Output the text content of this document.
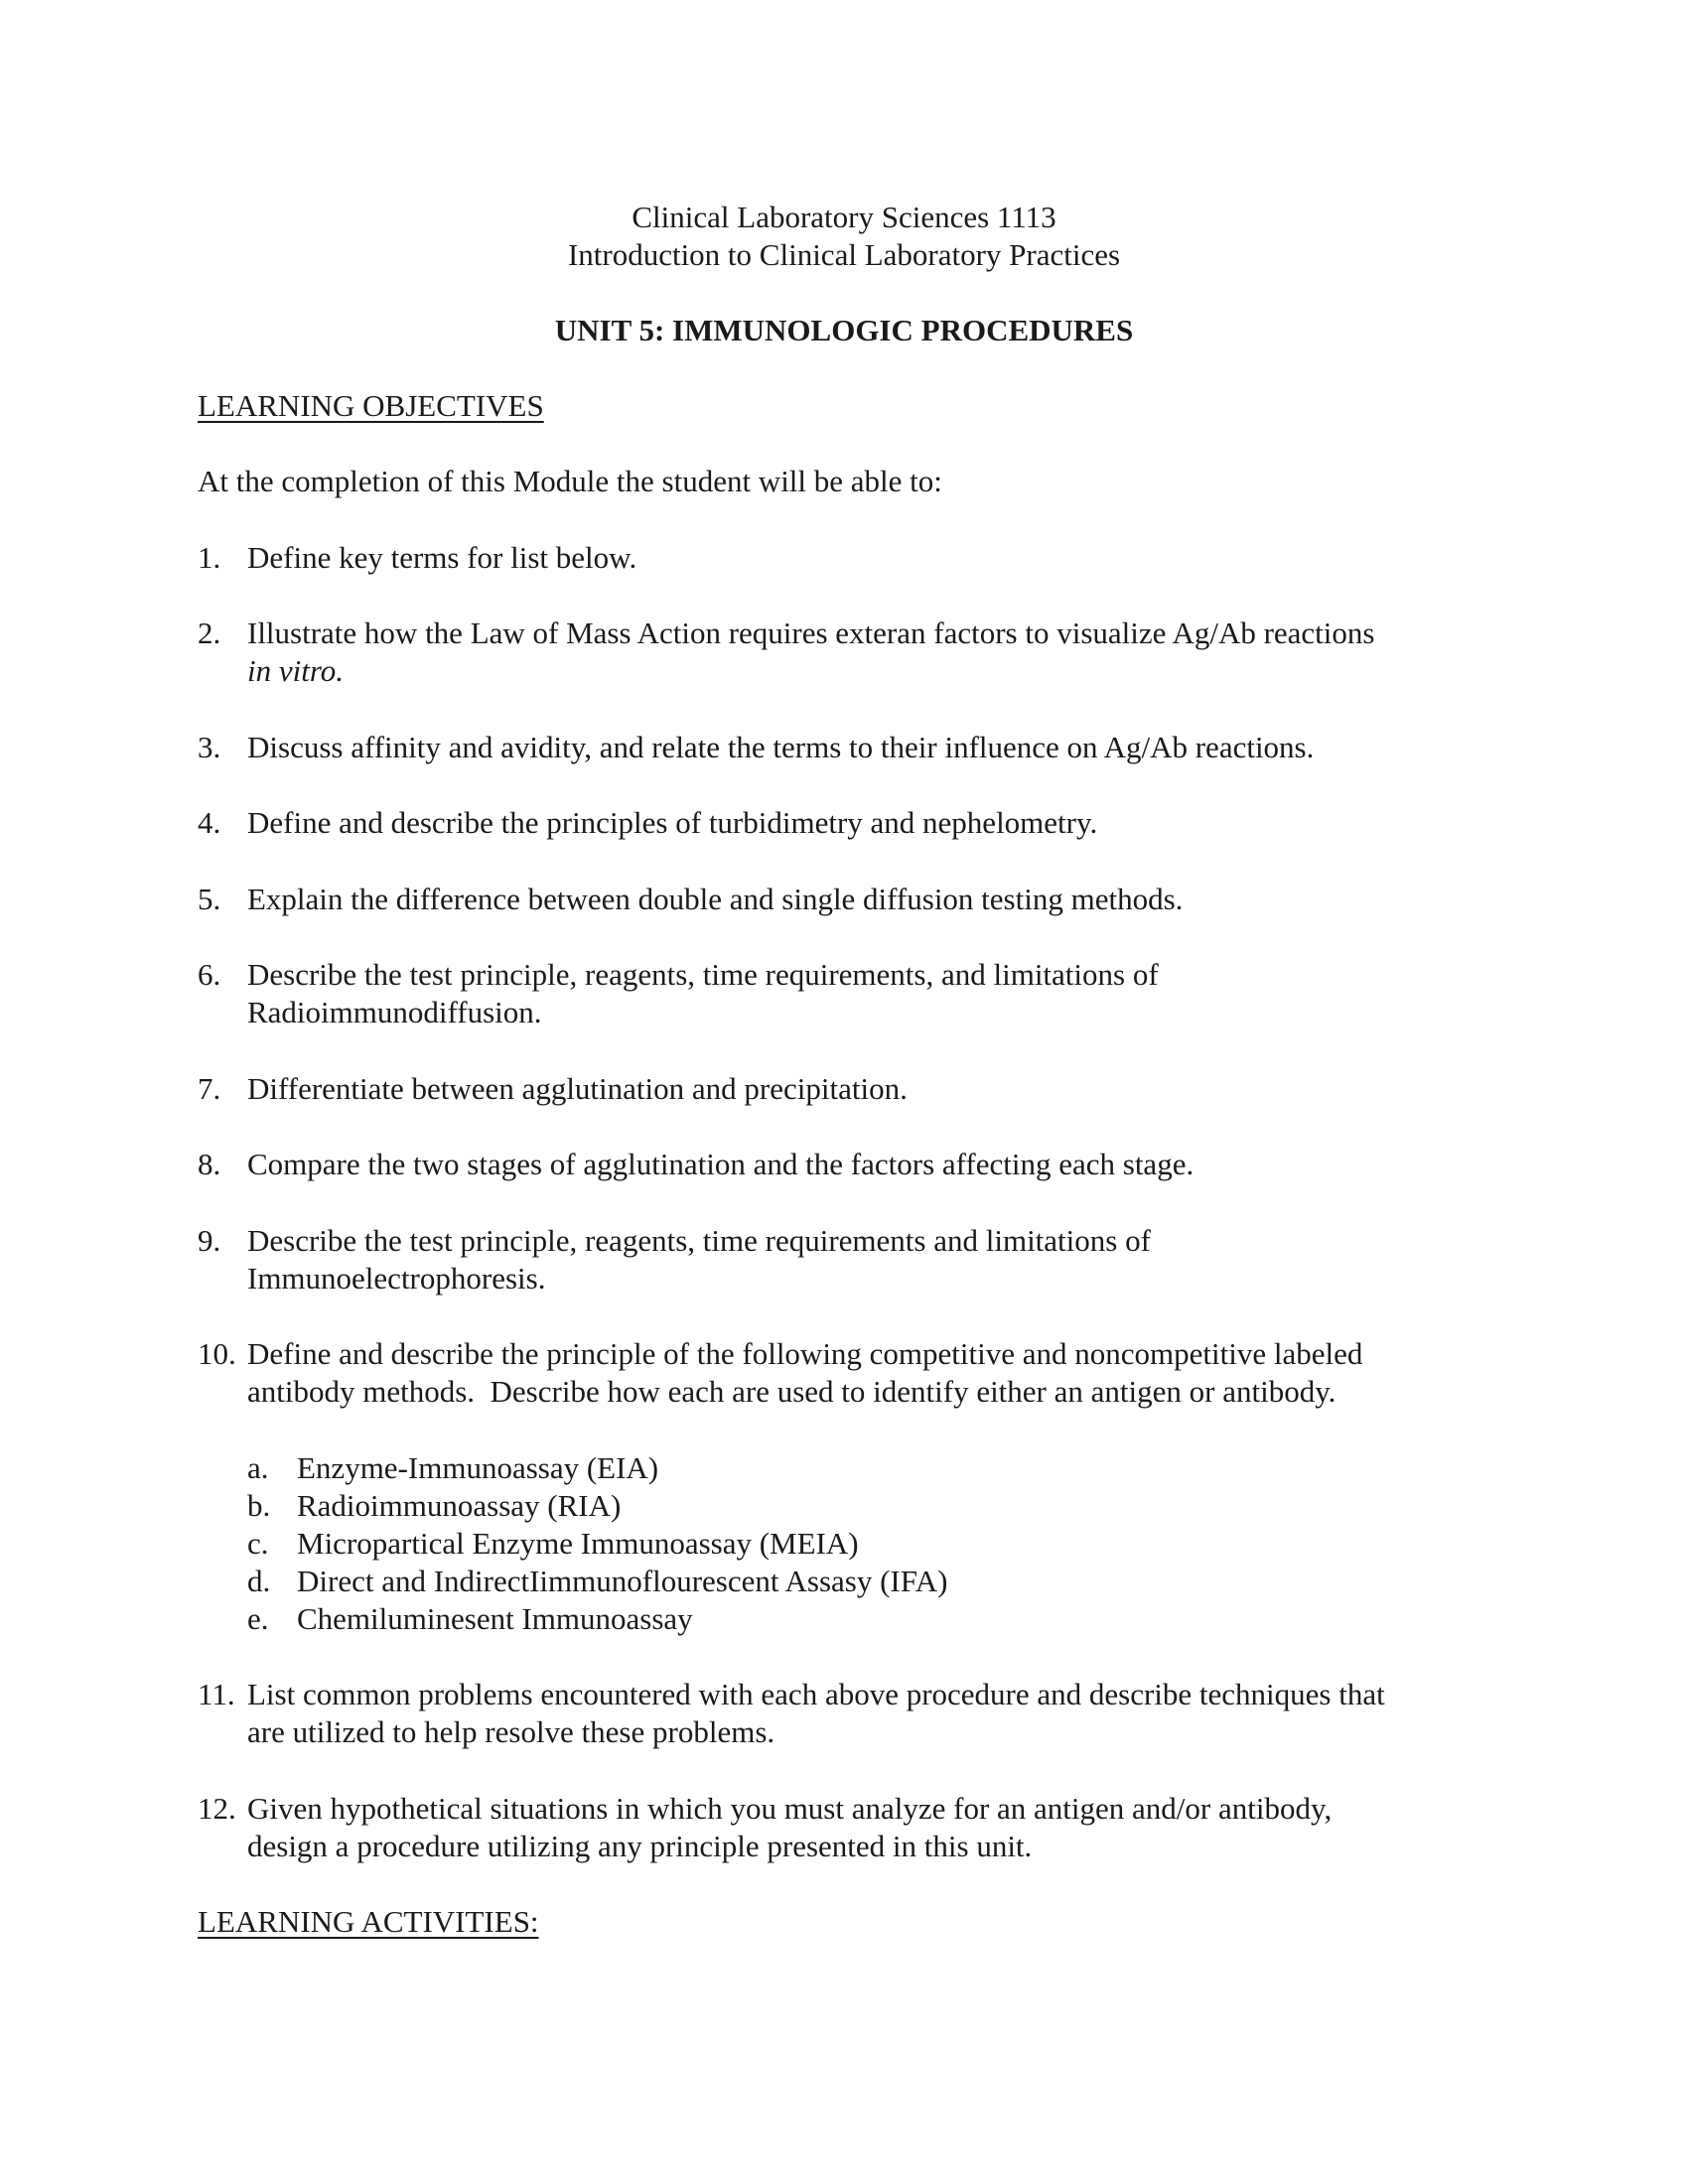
Clinical Laboratory Sciences 1113
Introduction to Clinical Laboratory Practices
UNIT 5: IMMUNOLOGIC PROCEDURES
LEARNING OBJECTIVES
At the completion of this Module the student will be able to:
1. Define key terms for list below.
2. Illustrate how the Law of Mass Action requires exteran factors to visualize Ag/Ab reactions
in vitro.
3. Discuss affinity and avidity, and relate the terms to their influence on Ag/Ab reactions.
4. Define and describe the principles of turbidimetry and nephelometry.
5. Explain the difference between double and single diffusion testing methods.
6. Describe the test principle, reagents, time requirements, and limitations of
Radioimmunodiffusion.
7. Differentiate between agglutination and precipitation.
8. Compare the two stages of agglutination and the factors affecting each stage.
9. Describe the test principle, reagents, time requirements and limitations of
Immunoelectrophoresis.
10. Define and describe the principle of the following competitive and noncompetitive labeled
antibody methods.  Describe how each are used to identify either an antigen or antibody.
a. Enzyme-Immunoassay (EIA)
b. Radioimmunoassay (RIA)
c. Micropartical Enzyme Immunoassay (MEIA)
d. Direct and IndirectIimmunoflourescent Assasy (IFA)
e. Chemiluminesent Immunoassay
11. List common problems encountered with each above procedure and describe techniques that
are utilized to help resolve these problems.
12. Given hypothetical situations in which you must analyze for an antigen and/or antibody,
design a procedure utilizing any principle presented in this unit.
LEARNING ACTIVITIES:
